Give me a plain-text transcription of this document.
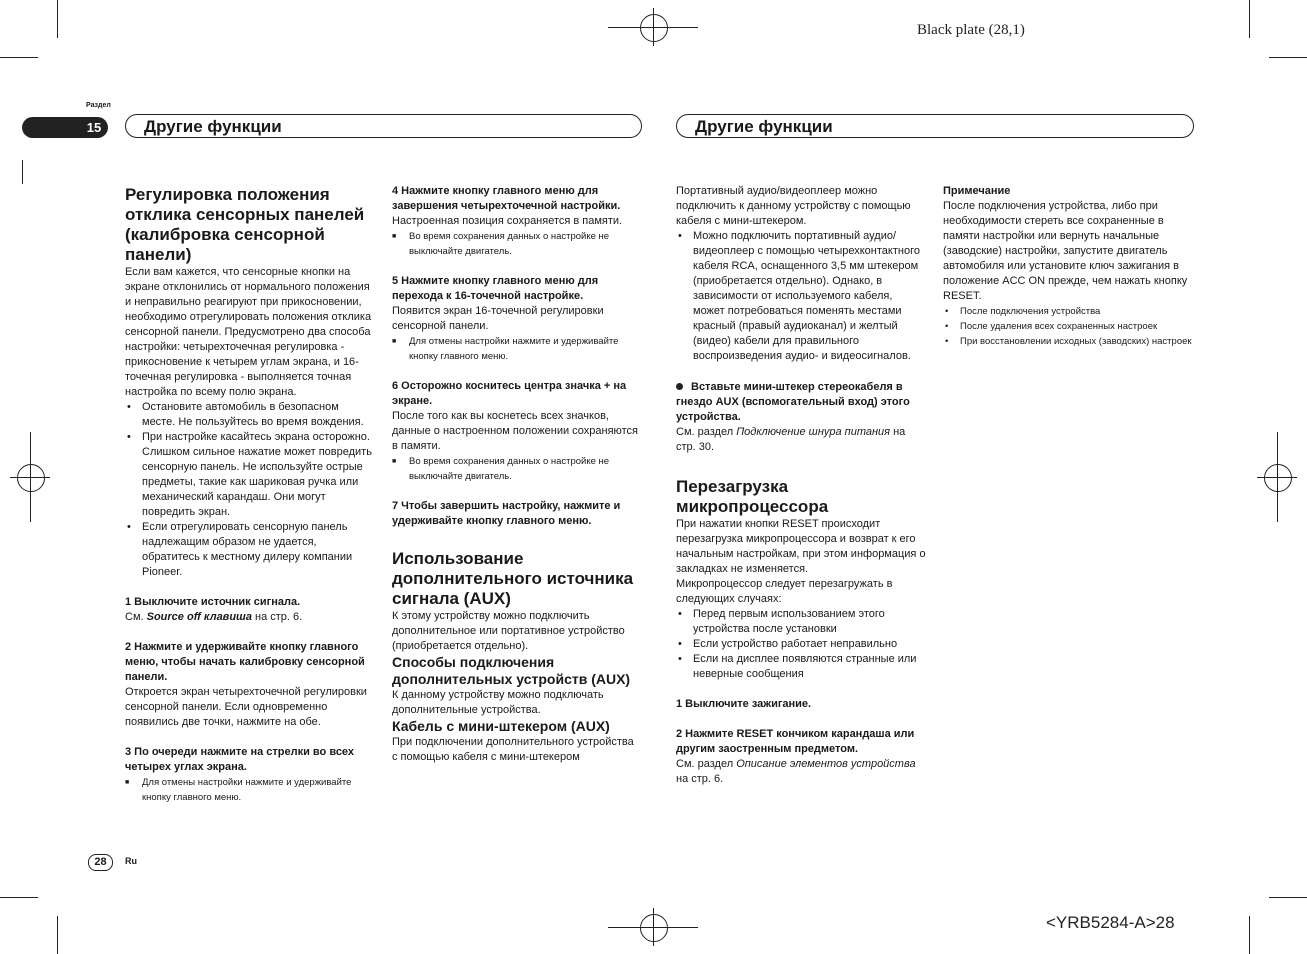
Black plate (28,1)
<YRB5284-A>28
Раздел
15	Другие функции	Другие функции

Регулировка положения отклика сенсорных панелей (калибровка сенсорной панели)

Если вам кажется, что сенсорные кнопки на экране отклонились от нормального положения и неправильно реагируют при прикосновении, необходимо отрегулировать положения отклика сенсорной панели. Предусмотрено два способа настройки: четырехточечная регулировка - прикосновение к четырем углам экрана, и 16-точечная регулировка - выполняется точная настройка по всему полю экрана.

• Остановите автомобиль в безопасном месте. Не пользуйтесь во время вождения.

• При настройке касайтесь экрана осторожно. Слишком сильное нажатие может повредить сенсорную панель. Не используйте острые предметы, такие как шариковая ручка или механический карандаш. Они могут повредить экран.

• Если отрегулировать сенсорную панель надлежащим образом не удается, обратитесь к местному дилеру компании Pioneer.

1 Выключите источник сигнала.

См. Source off клавиша на стр. 6.

2 Нажмите и удерживайте кнопку главного меню, чтобы начать калибровку сенсорной панели.

Откроется экран четырехточечной регулировки сенсорной панели. Если одновременно появились две точки, нажмите на обе.

3 По очереди нажмите на стрелки во всех четырех углах экрана.

■ Для отмены настройки нажмите и удерживайте кнопку главного меню.

4 Нажмите кнопку главного меню для завершения четырехточечной настройки.

Настроенная позиция сохраняется в памяти.

■ Во время сохранения данных о настройке не выключайте двигатель.

5 Нажмите кнопку главного меню для перехода к 16-точечной настройке.

Появится экран 16-точечной регулировки сенсорной панели.

■ Для отмены настройки нажмите и удерживайте кнопку главного меню.

6 Осторожно коснитесь центра значка + на экране.

После того как вы коснетесь всех значков, данные о настроенном положении сохраняются в памяти.

■ Во время сохранения данных о настройке не выключайте двигатель.

7 Чтобы завершить настройку, нажмите и удерживайте кнопку главного меню.

Использование дополнительного источника сигнала (AUX)

К этому устройству можно подключить дополнительное или портативное устройство (приобретается отдельно).

Способы подключения дополнительных устройств (AUX)

К данному устройству можно подключать дополнительные устройства.

Кабель с мини-штекером (AUX)

При подключении дополнительного устройства с помощью кабеля с мини-штекером

Портативный аудио/видеоплеер можно подключить к данному устройству с помощью кабеля с мини-штекером.

• Можно подключить портативный аудио/видеоплеер с помощью четырехконтактного кабеля RCA, оснащенного 3,5 мм штекером (приобретается отдельно). Однако, в зависимости от используемого кабеля, может потребоваться поменять местами красный (правый аудиоканал) и желтый (видео) кабели для правильного воспроизведения аудио- и видеосигналов.

Вставьте мини-штекер стереокабеля в гнездо AUX (вспомогательный вход) этого устройства.

См. раздел Подключение шнура питания на стр. 30.

Перезагрузка микропроцессора

При нажатии кнопки RESET происходит перезагрузка микропроцессора и возврат к его начальным настройкам, при этом информация о закладках не изменяется.

Микропроцессор следует перезагружать в следующих случаях:

• Перед первым использованием этого устройства после установки

• Если устройство работает неправильно

• Если на дисплее появляются странные или неверные сообщения

1 Выключите зажигание.

2 Нажмите RESET кончиком карандаша или другим заостренным предметом.

См. раздел Описание элементов устройства на стр. 6.

Примечание

После подключения устройства, либо при необходимости стереть все сохраненные в памяти настройки или вернуть начальные (заводские) настройки, запустите двигатель автомобиля или установите ключ зажигания в положение ACC ON прежде, чем нажать кнопку RESET.

• После подключения устройства

• После удаления всех сохраненных настроек

• При восстановлении исходных (заводских) настроек

28	Ru
